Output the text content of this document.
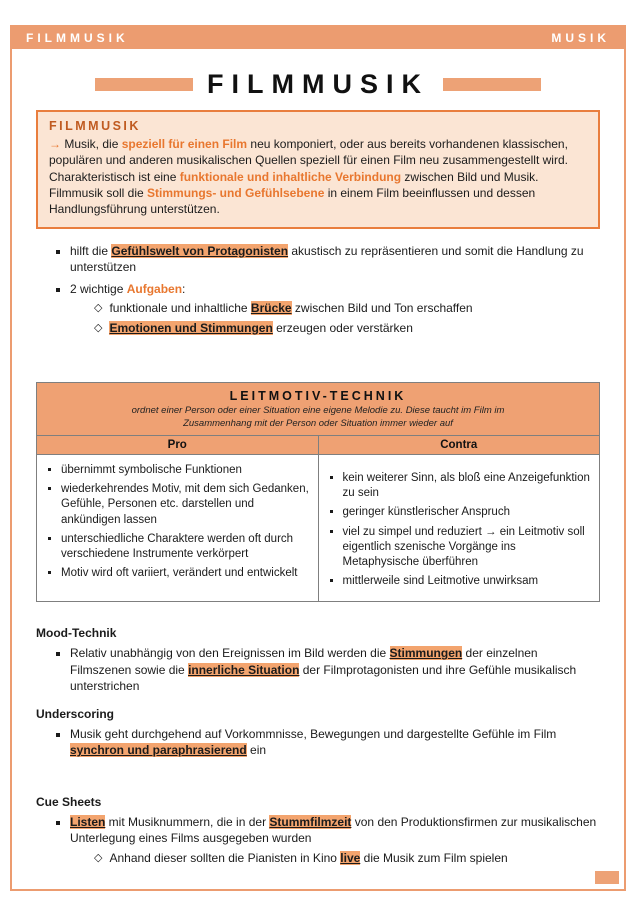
FILMMUSIK	MUSIK
FILMMUSIK
FILMMUSIK

→ Musik, die speziell für einen Film neu komponiert, oder aus bereits vorhandenen klassischen, populären und anderen musikalischen Quellen speziell für einen Film neu zusammengestellt wird. Charakteristisch ist eine funktionale und inhaltliche Verbindung zwischen Bild und Musik. Filmmusik soll die Stimmungs- und Gefühlsebene in einem Film beeinflussen und dessen Handlungsführung unterstützen.

▪ hilft die Gefühlswelt von Protagonisten akustisch zu repräsentieren und somit die Handlung zu unterstützen
▪ 2 wichtige Aufgaben:
◇ funktionale und inhaltliche Brücke zwischen Bild und Ton erschaffen
◇ Emotionen und Stimmungen erzeugen oder verstärken
LEITMOTIV-TECHNIK
ordnet einer Person oder einer Situation eine eigene Melodie zu. Diese taucht im Film im Zusammenhang mit der Person oder Situation immer wieder auf	

Pro	Contra

▪ übernimmt symbolische Funktionen
▪ wiederkehrendes Motiv, mit dem sich Gedanken, Gefühle, Personen etc. darstellen und ankündigen lassen
▪ unterschiedliche Charaktere werden oft durch verschiedene Instrumente verkörpert
▪ Motiv wird oft variiert, verändert und entwickelt

▪ kein weiterer Sinn, als bloß eine Anzeigefunktion zu sein
▪ geringer künstlerischer Anspruch
▪ viel zu simpel und reduziert → ein Leitmotiv soll eigentlich szenische Vorgänge ins Metaphysische überführen
▪ mittlerweile sind Leitmotive unwirksam
Mood-Technik
▪ Relativ unabhängig von den Ereignissen im Bild werden die Stimmungen der einzelnen Filmszenen sowie die innerliche Situation der Filmprotagonisten und ihre Gefühle musikalisch unterstrichen
Underscoring
▪ Musik geht durchgehend auf Vorkommnisse, Bewegungen und dargestellte Gefühle im Film synchron und paraphrasierend ein
Cue Sheets
▪ Listen mit Musiknummern, die in der Stummfilmzeit von den Produktionsfirmen zur musikalischen Unterlegung eines Films ausgegeben wurden
◇ Anhand dieser sollten die Pianisten in Kino live die Musik zum Film spielen
